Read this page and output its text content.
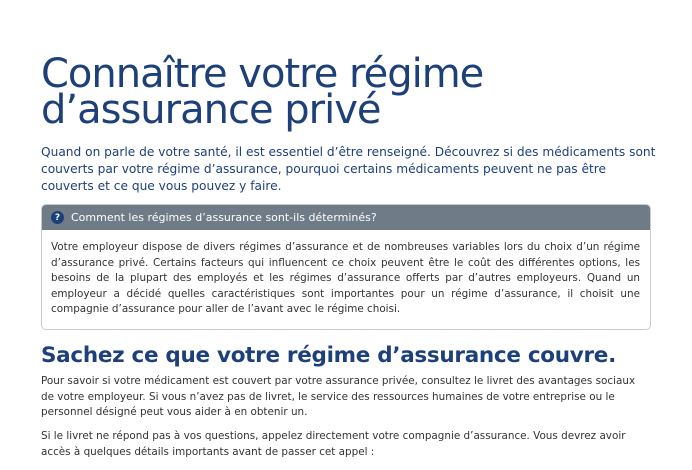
Connaître votre régime d’assurance privé

Quand on parle de votre santé, il est essentiel d’être renseigné. Découvrez si des médicaments sont couverts par votre régime d’assurance, pourquoi certains médicaments peuvent ne pas être couverts et ce que vous pouvez y faire.

? Comment les régimes d’assurance sont-ils déterminés?
Votre employeur dispose de divers régimes d’assurance et de nombreuses variables lors du choix d’un régime d’assurance privé. Certains facteurs qui influencent ce choix peuvent être le coût des différentes options, les besoins de la plupart des employés et les régimes d’assurance offerts par d’autres employeurs. Quand un employeur a décidé quelles caractéristiques sont importantes pour un régime d’assurance, il choisit une compagnie d’assurance pour aller de l’avant avec le régime choisi.
Sachez ce que votre régime d’assurance couvre.

Pour savoir si votre médicament est couvert par votre assurance privée, consultez le livret des avantages sociaux de votre employeur. Si vous n’avez pas de livret, le service des ressources humaines de votre entreprise ou le personnel désigné peut vous aider à en obtenir un.

Si le livret ne répond pas à vos questions, appelez directement votre compagnie d’assurance. Vous devrez avoir accès à quelques détails importants avant de passer cet appel :
